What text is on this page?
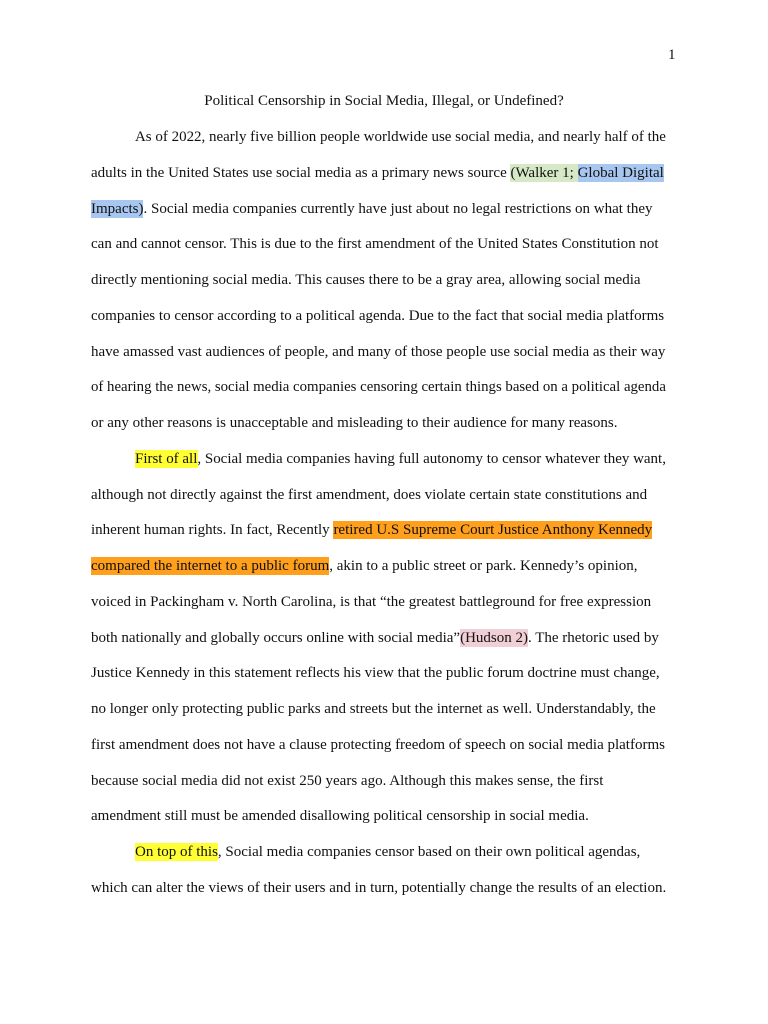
1
Political Censorship in Social Media, Illegal, or Undefined?
As of 2022, nearly five billion people worldwide use social media, and nearly half of the
adults in the United States use social media as a primary news source (Walker 1; Global Digital
Impacts). Social media companies currently have just about no legal restrictions on what they
can and cannot censor. This is due to the first amendment of the United States Constitution not
directly mentioning social media. This causes there to be a gray area, allowing social media
companies to censor according to a political agenda. Due to the fact that social media platforms
have amassed vast audiences of people, and many of those people use social media as their way
of hearing the news, social media companies censoring certain things based on a political agenda
or any other reasons is unacceptable and misleading to their audience for many reasons.
First of all, Social media companies having full autonomy to censor whatever they want,
although not directly against the first amendment, does violate certain state constitutions and
inherent human rights. In fact, Recently retired U.S Supreme Court Justice Anthony Kennedy
compared the internet to a public forum, akin to a public street or park. Kennedy’s opinion,
voiced in Packingham v. North Carolina, is that “the greatest battleground for free expression
both nationally and globally occurs online with social media”(Hudson 2). The rhetoric used by
Justice Kennedy in this statement reflects his view that the public forum doctrine must change,
no longer only protecting public parks and streets but the internet as well. Understandably, the
first amendment does not have a clause protecting freedom of speech on social media platforms
because social media did not exist 250 years ago. Although this makes sense, the first
amendment still must be amended disallowing political censorship in social media.
On top of this, Social media companies censor based on their own political agendas,
which can alter the views of their users and in turn, potentially change the results of an election.
